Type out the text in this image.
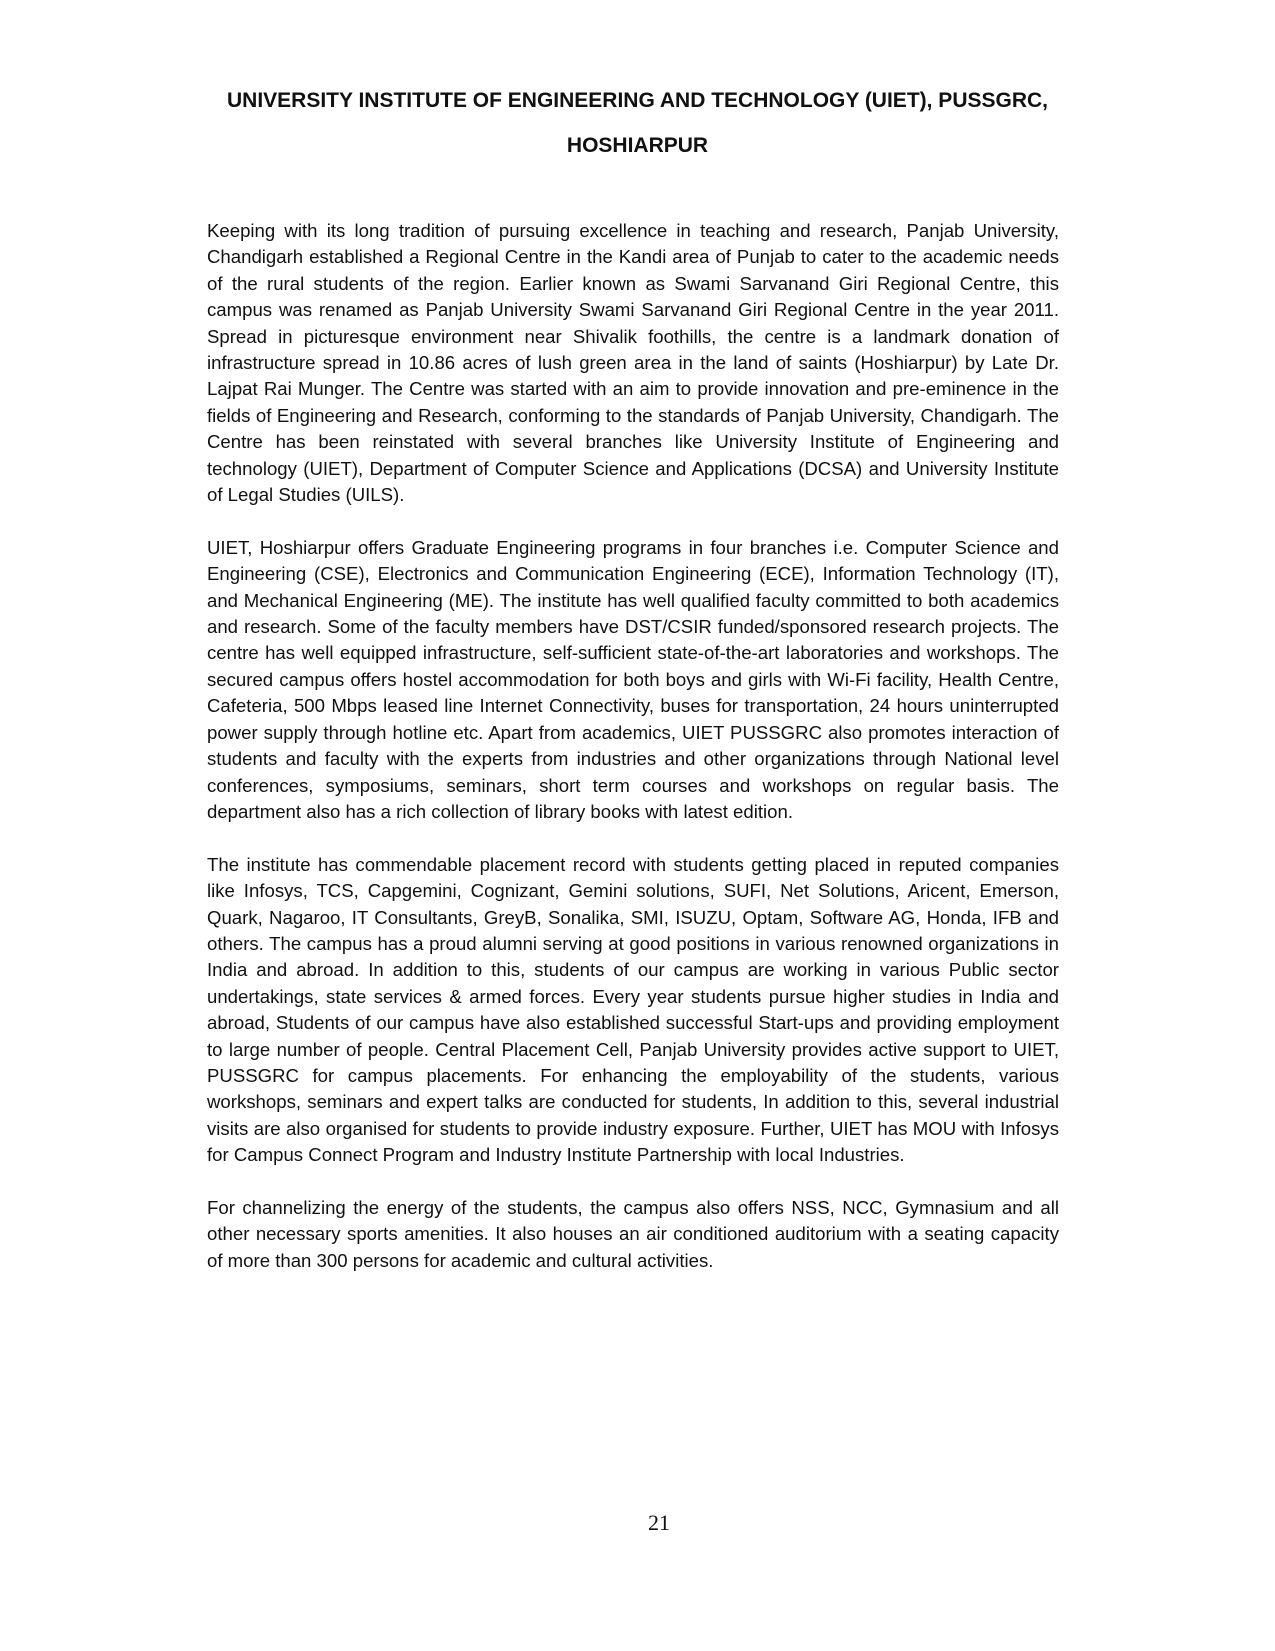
UNIVERSITY INSTITUTE OF ENGINEERING AND TECHNOLOGY (UIET), PUSSGRC,
HOSHIARPUR

Keeping with its long tradition of pursuing excellence in teaching and research, Panjab University, Chandigarh established a Regional Centre in the Kandi area of Punjab to cater to the academic needs of the rural students of the region. Earlier known as Swami Sarvanand Giri Regional Centre, this campus was renamed as Panjab University Swami Sarvanand Giri Regional Centre in the year 2011. Spread in picturesque environment near Shivalik foothills, the centre is a landmark donation of infrastructure spread in 10.86 acres of lush green area in the land of saints (Hoshiarpur) by Late Dr. Lajpat Rai Munger. The Centre was started with an aim to provide innovation and pre-eminence in the fields of Engineering and Research, conforming to the standards of Panjab University, Chandigarh. The Centre has been reinstated with several branches like University Institute of Engineering and technology (UIET), Department of Computer Science and Applications (DCSA) and University Institute of Legal Studies (UILS).

UIET, Hoshiarpur offers Graduate Engineering programs in four branches i.e. Computer Science and Engineering (CSE), Electronics and Communication Engineering (ECE), Information Technology (IT), and Mechanical Engineering (ME). The institute has well qualified faculty committed to both academics and research. Some of the faculty members have DST/CSIR funded/sponsored research projects. The centre has well equipped infrastructure, self-sufficient state-of-the-art laboratories and workshops. The secured campus offers hostel accommodation for both boys and girls with Wi-Fi facility, Health Centre, Cafeteria, 500 Mbps leased line Internet Connectivity, buses for transportation, 24 hours uninterrupted power supply through hotline etc. Apart from academics, UIET PUSSGRC also promotes interaction of students and faculty with the experts from industries and other organizations through National level conferences, symposiums, seminars, short term courses and workshops on regular basis. The department also has a rich collection of library books with latest edition.

The institute has commendable placement record with students getting placed in reputed companies like Infosys, TCS, Capgemini, Cognizant, Gemini solutions, SUFI, Net Solutions, Aricent, Emerson, Quark, Nagaroo, IT Consultants, GreyB, Sonalika, SMI, ISUZU, Optam, Software AG, Honda, IFB and others. The campus has a proud alumni serving at good positions in various renowned organizations in India and abroad. In addition to this, students of our campus are working in various Public sector undertakings, state services & armed forces. Every year students pursue higher studies in India and abroad, Students of our campus have also established successful Start-ups and providing employment to large number of people. Central Placement Cell, Panjab University provides active support to UIET, PUSSGRC for campus placements. For enhancing the employability of the students, various workshops, seminars and expert talks are conducted for students, In addition to this, several industrial visits are also organised for students to provide industry exposure. Further, UIET has MOU with Infosys for Campus Connect Program and Industry Institute Partnership with local Industries.

For channelizing the energy of the students, the campus also offers NSS, NCC, Gymnasium and all other necessary sports amenities. It also houses an air conditioned auditorium with a seating capacity of more than 300 persons for academic and cultural activities.

21
